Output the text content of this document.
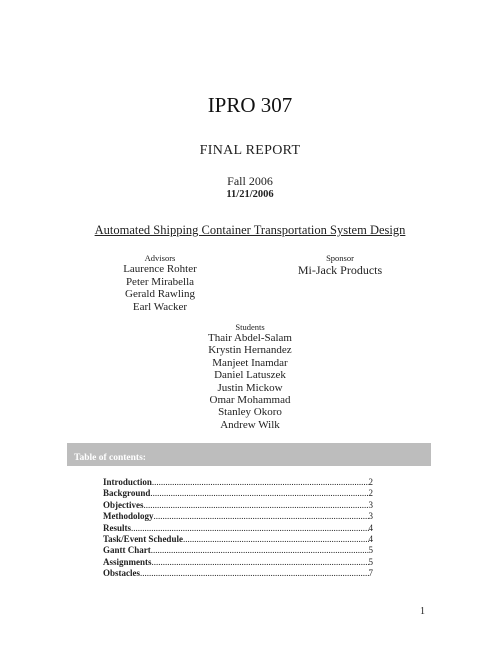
IPRO 307
FINAL REPORT
Fall 2006
11/21/2006
Automated Shipping Container Transportation System Design
Advisors
Laurence Rohter
Peter Mirabella
Gerald Rawling
Earl Wacker
Sponsor
Mi-Jack Products
Students
Thair Abdel-Salam
Krystin Hernandez
Manjeet Inamdar
Daniel Latuszek
Justin Mickow
Omar Mohammad
Stanley Okoro
Andrew Wilk
Table of contents:
Introduction .....	2
Background .....	2
Objectives .....	3
Methodology .....	3
Results .....	4
Task/Event Schedule .....	4
Gantt Chart .....	5
Assignments .....	5
Obstacles .....	7
1
